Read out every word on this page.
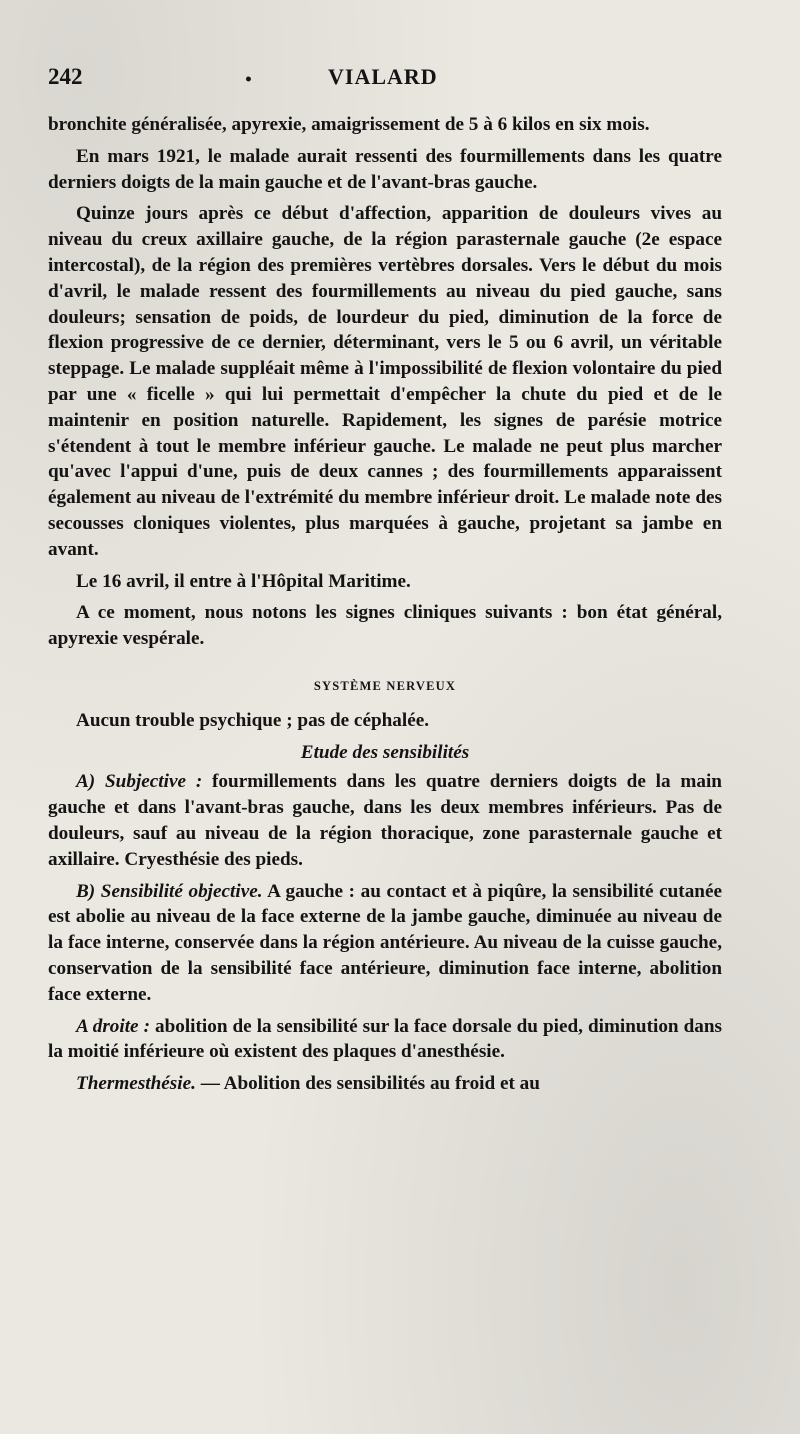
242	•	VIALARD

bronchite généralisée, apyrexie, amaigrissement de 5 à 6 kilos en six mois.

En mars 1921, le malade aurait ressenti des fourmillements dans les quatre derniers doigts de la main gauche et de l'avant-bras gauche.

Quinze jours après ce début d'affection, apparition de douleurs vives au niveau du creux axillaire gauche, de la région parasternale gauche (2e espace intercostal), de la région des premières vertèbres dorsales. Vers le début du mois d'avril, le malade ressent des fourmillements au niveau du pied gauche, sans douleurs; sensation de poids, de lourdeur du pied, diminution de la force de flexion progressive de ce dernier, déterminant, vers le 5 ou 6 avril, un véritable steppage. Le malade suppléait même à l'impossibilité de flexion volontaire du pied par une « ficelle » qui lui permettait d'empêcher la chute du pied et de le maintenir en position naturelle. Rapidement, les signes de parésie motrice s'étendent à tout le membre inférieur gauche. Le malade ne peut plus marcher qu'avec l'appui d'une, puis de deux cannes ; des fourmillements apparaissent également au niveau de l'extrémité du membre inférieur droit. Le malade note des secousses cloniques violentes, plus marquées à gauche, projetant sa jambe en avant.

Le 16 avril, il entre à l'Hôpital Maritime.

A ce moment, nous notons les signes cliniques suivants : bon état général, apyrexie vespérale.

SYSTÈME NERVEUX

Aucun trouble psychique ; pas de céphalée.

Etude des sensibilités

A) Subjective : fourmillements dans les quatre derniers doigts de la main gauche et dans l'avant-bras gauche, dans les deux membres inférieurs. Pas de douleurs, sauf au niveau de la région thoracique, zone parasternale gauche et axillaire. Cryesthésie des pieds.

B) Sensibilité objective. A gauche : au contact et à piqûre, la sensibilité cutanée est abolie au niveau de la face externe de la jambe gauche, diminuée au niveau de la face interne, conservée dans la région antérieure. Au niveau de la cuisse gauche, conservation de la sensibilité face antérieure, diminution face interne, abolition face externe.

A droite : abolition de la sensibilité sur la face dorsale du pied, diminution dans la moitié inférieure où existent des plaques d'anesthésie.

Thermesthésie. — Abolition des sensibilités au froid et au
